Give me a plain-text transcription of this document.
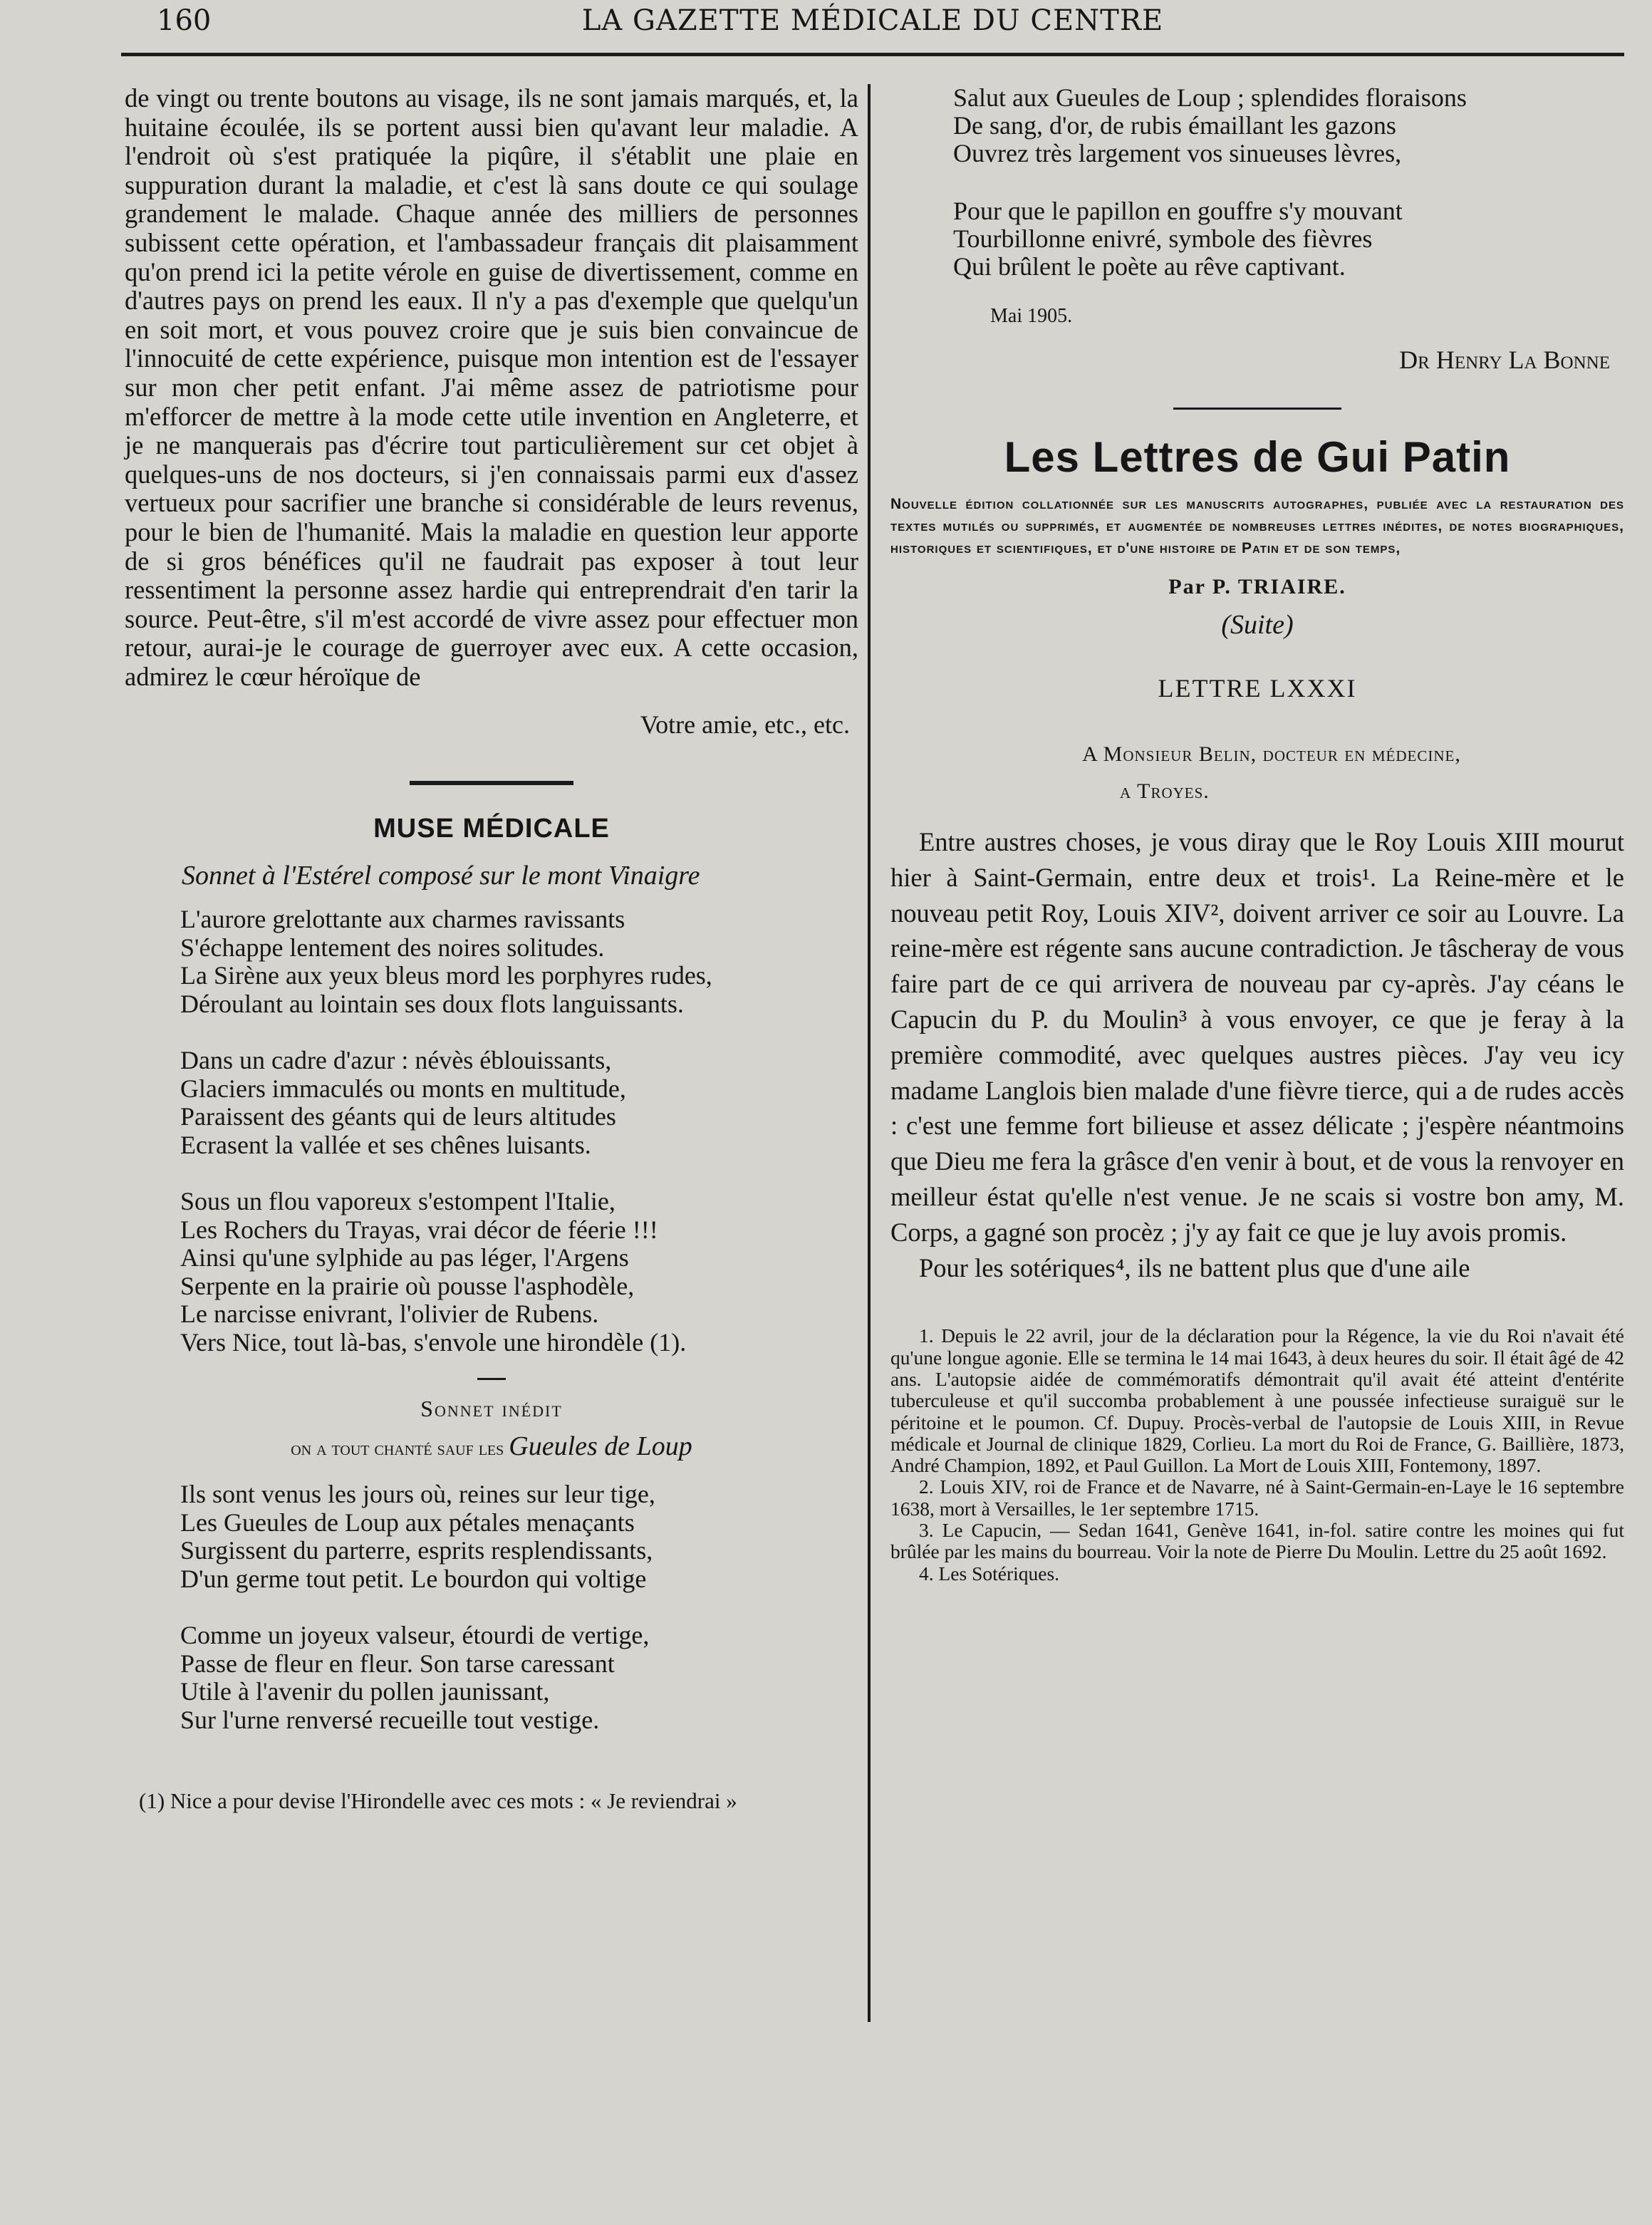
160	LA GAZETTE MÉDICALE DU CENTRE
de vingt ou trente boutons au visage, ils ne sont jamais marqués, et, la huitaine écoulée, ils se portent aussi bien qu'avant leur maladie. A l'endroit où s'est pratiquée la piqûre, il s'établit une plaie en suppuration durant la maladie, et c'est là sans doute ce qui soulage grandement le malade. Chaque année des milliers de personnes subissent cette opération, et l'ambassadeur français dit plaisamment qu'on prend ici la petite vérole en guise de divertissement, comme en d'autres pays on prend les eaux. Il n'y a pas d'exemple que quelqu'un en soit mort, et vous pouvez croire que je suis bien convaincue de l'innocuité de cette expérience, puisque mon intention est de l'essayer sur mon cher petit enfant. J'ai même assez de patriotisme pour m'efforcer de mettre à la mode cette utile invention en Angleterre, et je ne manquerais pas d'écrire tout particulièrement sur cet objet à quelques-uns de nos docteurs, si j'en connaissais parmi eux d'assez vertueux pour sacrifier une branche si considérable de leurs revenus, pour le bien de l'humanité. Mais la maladie en question leur apporte de si gros bénéfices qu'il ne faudrait pas exposer à tout leur ressentiment la personne assez hardie qui entreprendrait d'en tarir la source. Peut-être, s'il m'est accordé de vivre assez pour effectuer mon retour, aurai-je le courage de guerroyer avec eux. A cette occasion, admirez le cœur héroïque de
Votre amie, etc., etc.
MUSE MÉDICALE
Sonnet à l'Estérel composé sur le mont Vinaigre
L'aurore grelottante aux charmes ravissants
S'échappe lentement des noires solitudes.
La Sirène aux yeux bleus mord les porphyres rudes,
Déroulant au lointain ses doux flots languissants.
Dans un cadre d'azur : névès éblouissants,
Glaciers immaculés ou monts en multitude,
Paraissent des géants qui de leurs altitudes
Ecrasent la vallée et ses chênes luisants.
Sous un flou vaporeux s'estompent l'Italie,
Les Rochers du Trayas, vrai décor de féerie !!!
Ainsi qu'une sylphide au pas léger, l'Argens
Serpente en la prairie où pousse l'asphodèle,
Le narcisse enivrant, l'olivier de Rubens.
Vers Nice, tout là-bas, s'envole une hirondèle (1).
Sonnet inédit
on a tout chanté sauf les Gueules de Loup
Ils sont venus les jours où, reines sur leur tige,
Les Gueules de Loup aux pétales menaçants
Surgissent du parterre, esprits resplendissants,
D'un germe tout petit. Le bourdon qui voltige
Comme un joyeux valseur, étourdi de vertige,
Passe de fleur en fleur. Son tarse caressant
Utile à l'avenir du pollen jaunissant,
Sur l'urne renversé recueille tout vestige.
(1) Nice a pour devise l'Hirondelle avec ces mots : « Je reviendrai »
Salut aux Gueules de Loup ; splendides floraisons
De sang, d'or, de rubis émaillant les gazons
Ouvrez très largement vos sinueuses lèvres,
Pour que le papillon en gouffre s'y mouvant
Tourbillonne enivré, symbole des fièvres
Qui brûlent le poète au rêve captivant.
Mai 1905.
Dr Henry La Bonne
Les Lettres de Gui Patin
Nouvelle édition collationnée sur les manuscrits autographes, publiée avec la restauration des textes mutilés ou supprimés, et augmentée de nombreuses lettres inédites, de notes biographiques, historiques et scientifiques, et d'une histoire de Patin et de son temps,
Par P. TRIAIRE.
(Suite)
LETTRE LXXXI
A Monsieur Belin, docteur en médecine,
a Troyes.

Entre austres choses, je vous diray que le Roy Louis XIII mourut hier à Saint-Germain, entre deux et trois¹. La Reine-mère et le nouveau petit Roy, Louis XIV², doivent arriver ce soir au Louvre. La reine-mère est régente sans aucune contradiction. Je tâscheray de vous faire part de ce qui arrivera de nouveau par cy-après. J'ay céans le Capucin du P. du Moulin³ à vous envoyer, ce que je feray à la première commodité, avec quelques austres pièces. J'ay veu icy madame Langlois bien malade d'une fièvre tierce, qui a de rudes accès : c'est une femme fort bilieuse et assez délicate ; j'espère néantmoins que Dieu me fera la grâsce d'en venir à bout, et de vous la renvoyer en meilleur éstat qu'elle n'est venue. Je ne scais si vostre bon amy, M. Corps, a gagné son procèz ; j'y ay fait ce que je luy avois promis.

Pour les sotériques⁴, ils ne battent plus que d'une aile

1. Depuis le 22 avril, jour de la déclaration pour la Régence, la vie du Roi n'avait été qu'une longue agonie. Elle se termina le 14 mai 1643, à deux heures du soir. Il était âgé de 42 ans. L'autopsie aidée de commémoratifs démontrait qu'il avait été atteint d'entérite tuberculeuse et qu'il succomba probablement à une poussée infectieuse suraiguë sur le péritoine et le poumon. Cf. Dupuy. Procès-verbal de l'autopsie de Louis XIII, in Revue médicale et Journal de clinique 1829, Corlieu. La mort du Roi de France, G. Baillière, 1873, André Champion, 1892, et Paul Guillon. La Mort de Louis XIII, Fontemony, 1897.

2. Louis XIV, roi de France et de Navarre, né à Saint-Germain-en-Laye le 16 septembre 1638, mort à Versailles, le 1er septembre 1715.

3. Le Capucin, — Sedan 1641, Genève 1641, in-fol. satire contre les moines qui fut brûlée par les mains du bourreau. Voir la note de Pierre Du Moulin. Lettre du 25 août 1692.

4. Les Sotériques.
